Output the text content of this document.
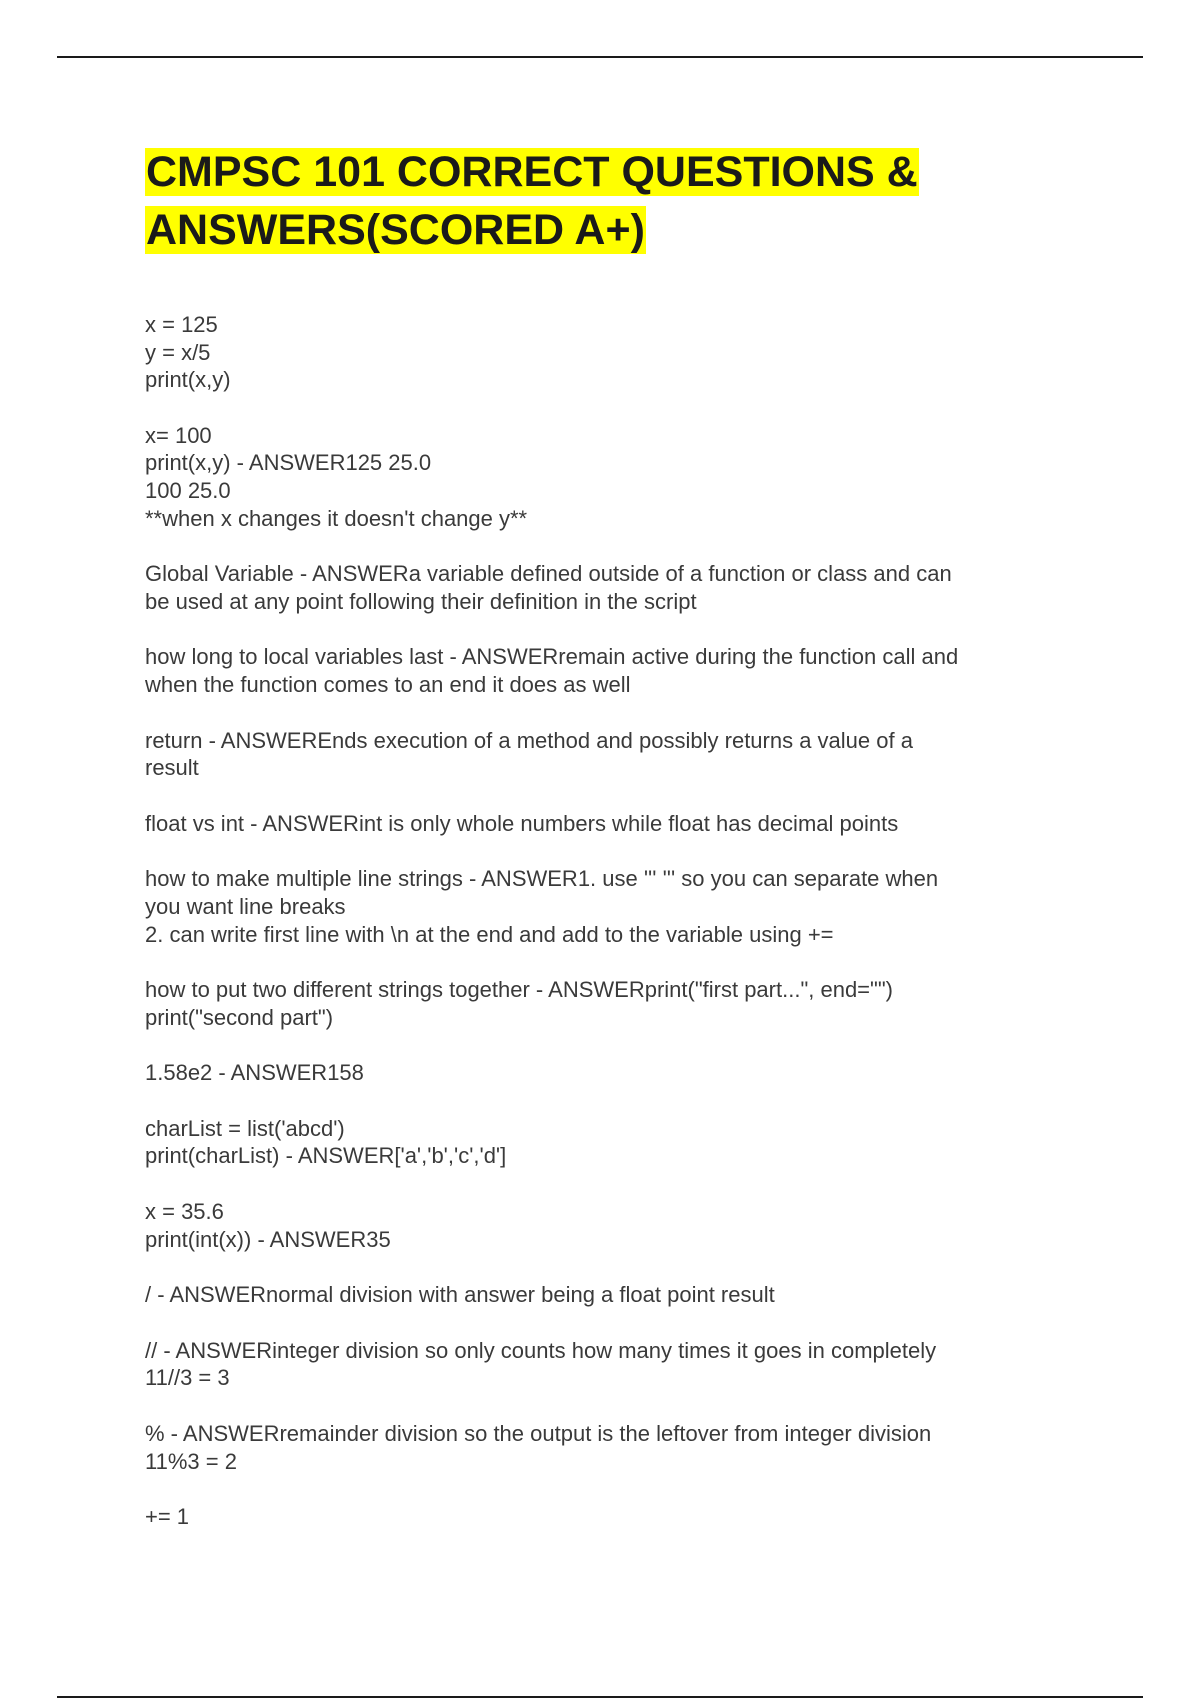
CMPSC 101 CORRECT QUESTIONS &
ANSWERS(SCORED A+)
x = 125
y = x/5
print(x,y)
x= 100
print(x,y) - ANSWER125 25.0
100 25.0
**when x changes it doesn't change y**
Global Variable - ANSWERa variable defined outside of a function or class and can
be used at any point following their definition in the script
how long to local variables last - ANSWERremain active during the function call and
when the function comes to an end it does as well
return - ANSWEREnds execution of a method and possibly returns a value of a
result
float vs int - ANSWERint is only whole numbers while float has decimal points
how to make multiple line strings - ANSWER1. use ''' ''' so you can separate when
you want line breaks
2. can write first line with \n at the end and add to the variable using +=
how to put two different strings together - ANSWERprint("first part...", end="")
print("second part")
1.58e2 - ANSWER158
charList = list('abcd')
print(charList) - ANSWER['a','b','c','d']
x = 35.6
print(int(x)) - ANSWER35
/ - ANSWERnormal division with answer being a float point result
// - ANSWERinteger division so only counts how many times it goes in completely
11//3 = 3
% - ANSWERremainder division so the output is the leftover from integer division
11%3 = 2
+= 1
